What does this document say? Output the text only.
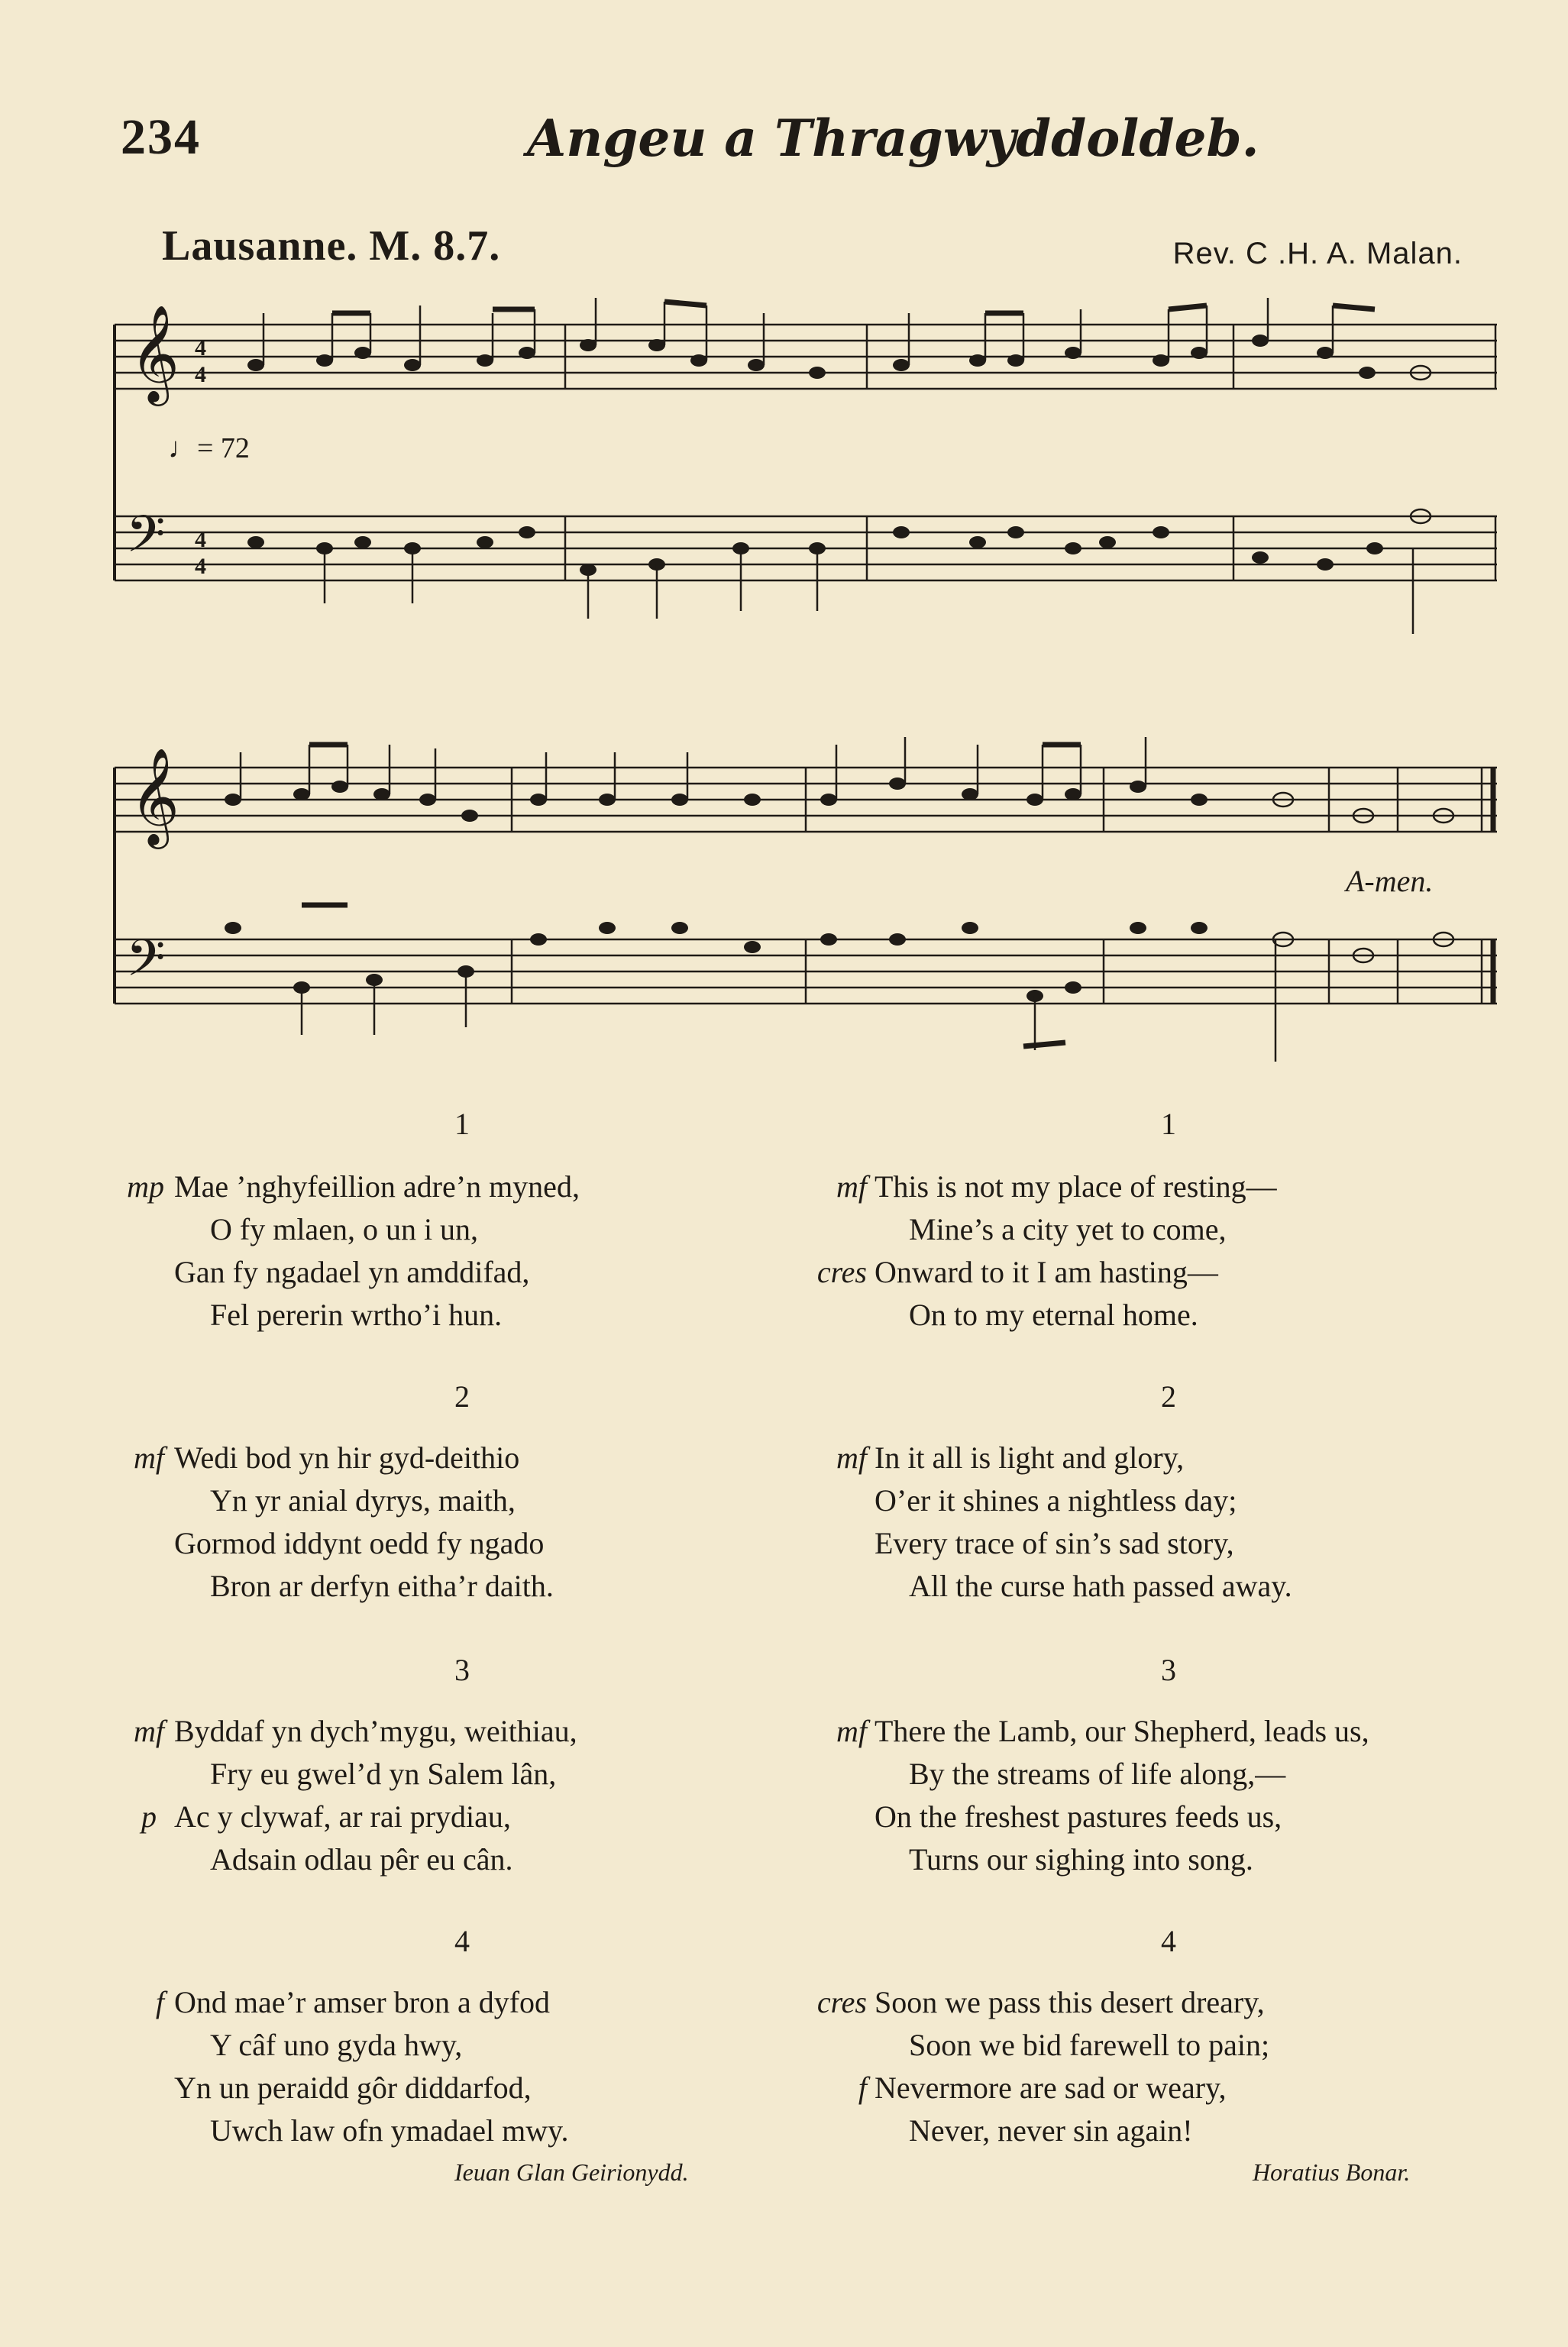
234	Angeu a Thragwyddoldeb.
Lausanne. M. 8.7.	Rev. C .H. A. Malan.
𝄞
𝄢
4
4
4
4
𝄞
𝄢
♩= 72
A-men.
1
mp Mae ’nghyfeillion adre’n myned,
O fy mlaen, o un i un,
Gan fy ngadael yn amddifad,
Fel pererin wrtho’i hun.
2
mf Wedi bod yn hir gyd-deithio
Yn yr anial dyrys, maith,
Gormod iddynt oedd fy ngado
Bron ar derfyn eitha’r daith.
3
mf Byddaf yn dych’mygu, weithiau,
Fry eu gwel’d yn Salem lân,
p Ac y clywaf, ar rai prydiau,
Adsain odlau pêr eu cân.
4
f Ond mae’r amser bron a dyfod
Y câf uno gyda hwy,
Yn un peraidd gôr diddarfod,
Uwch law ofn ymadael mwy.
Ieuan Glan Geirionydd.
1
mf This is not my place of resting—
Mine’s a city yet to come,
cres Onward to it I am hasting—
On to my eternal home.
2
mf In it all is light and glory,
O’er it shines a nightless day;
Every trace of sin’s sad story,
All the curse hath passed away.
3
mf There the Lamb, our Shepherd, leads us,
By the streams of life along,—
On the freshest pastures feeds us,
Turns our sighing into song.
4
cres Soon we pass this desert dreary,
Soon we bid farewell to pain;
f Nevermore are sad or weary,
Never, never sin again!
Horatius Bonar.
